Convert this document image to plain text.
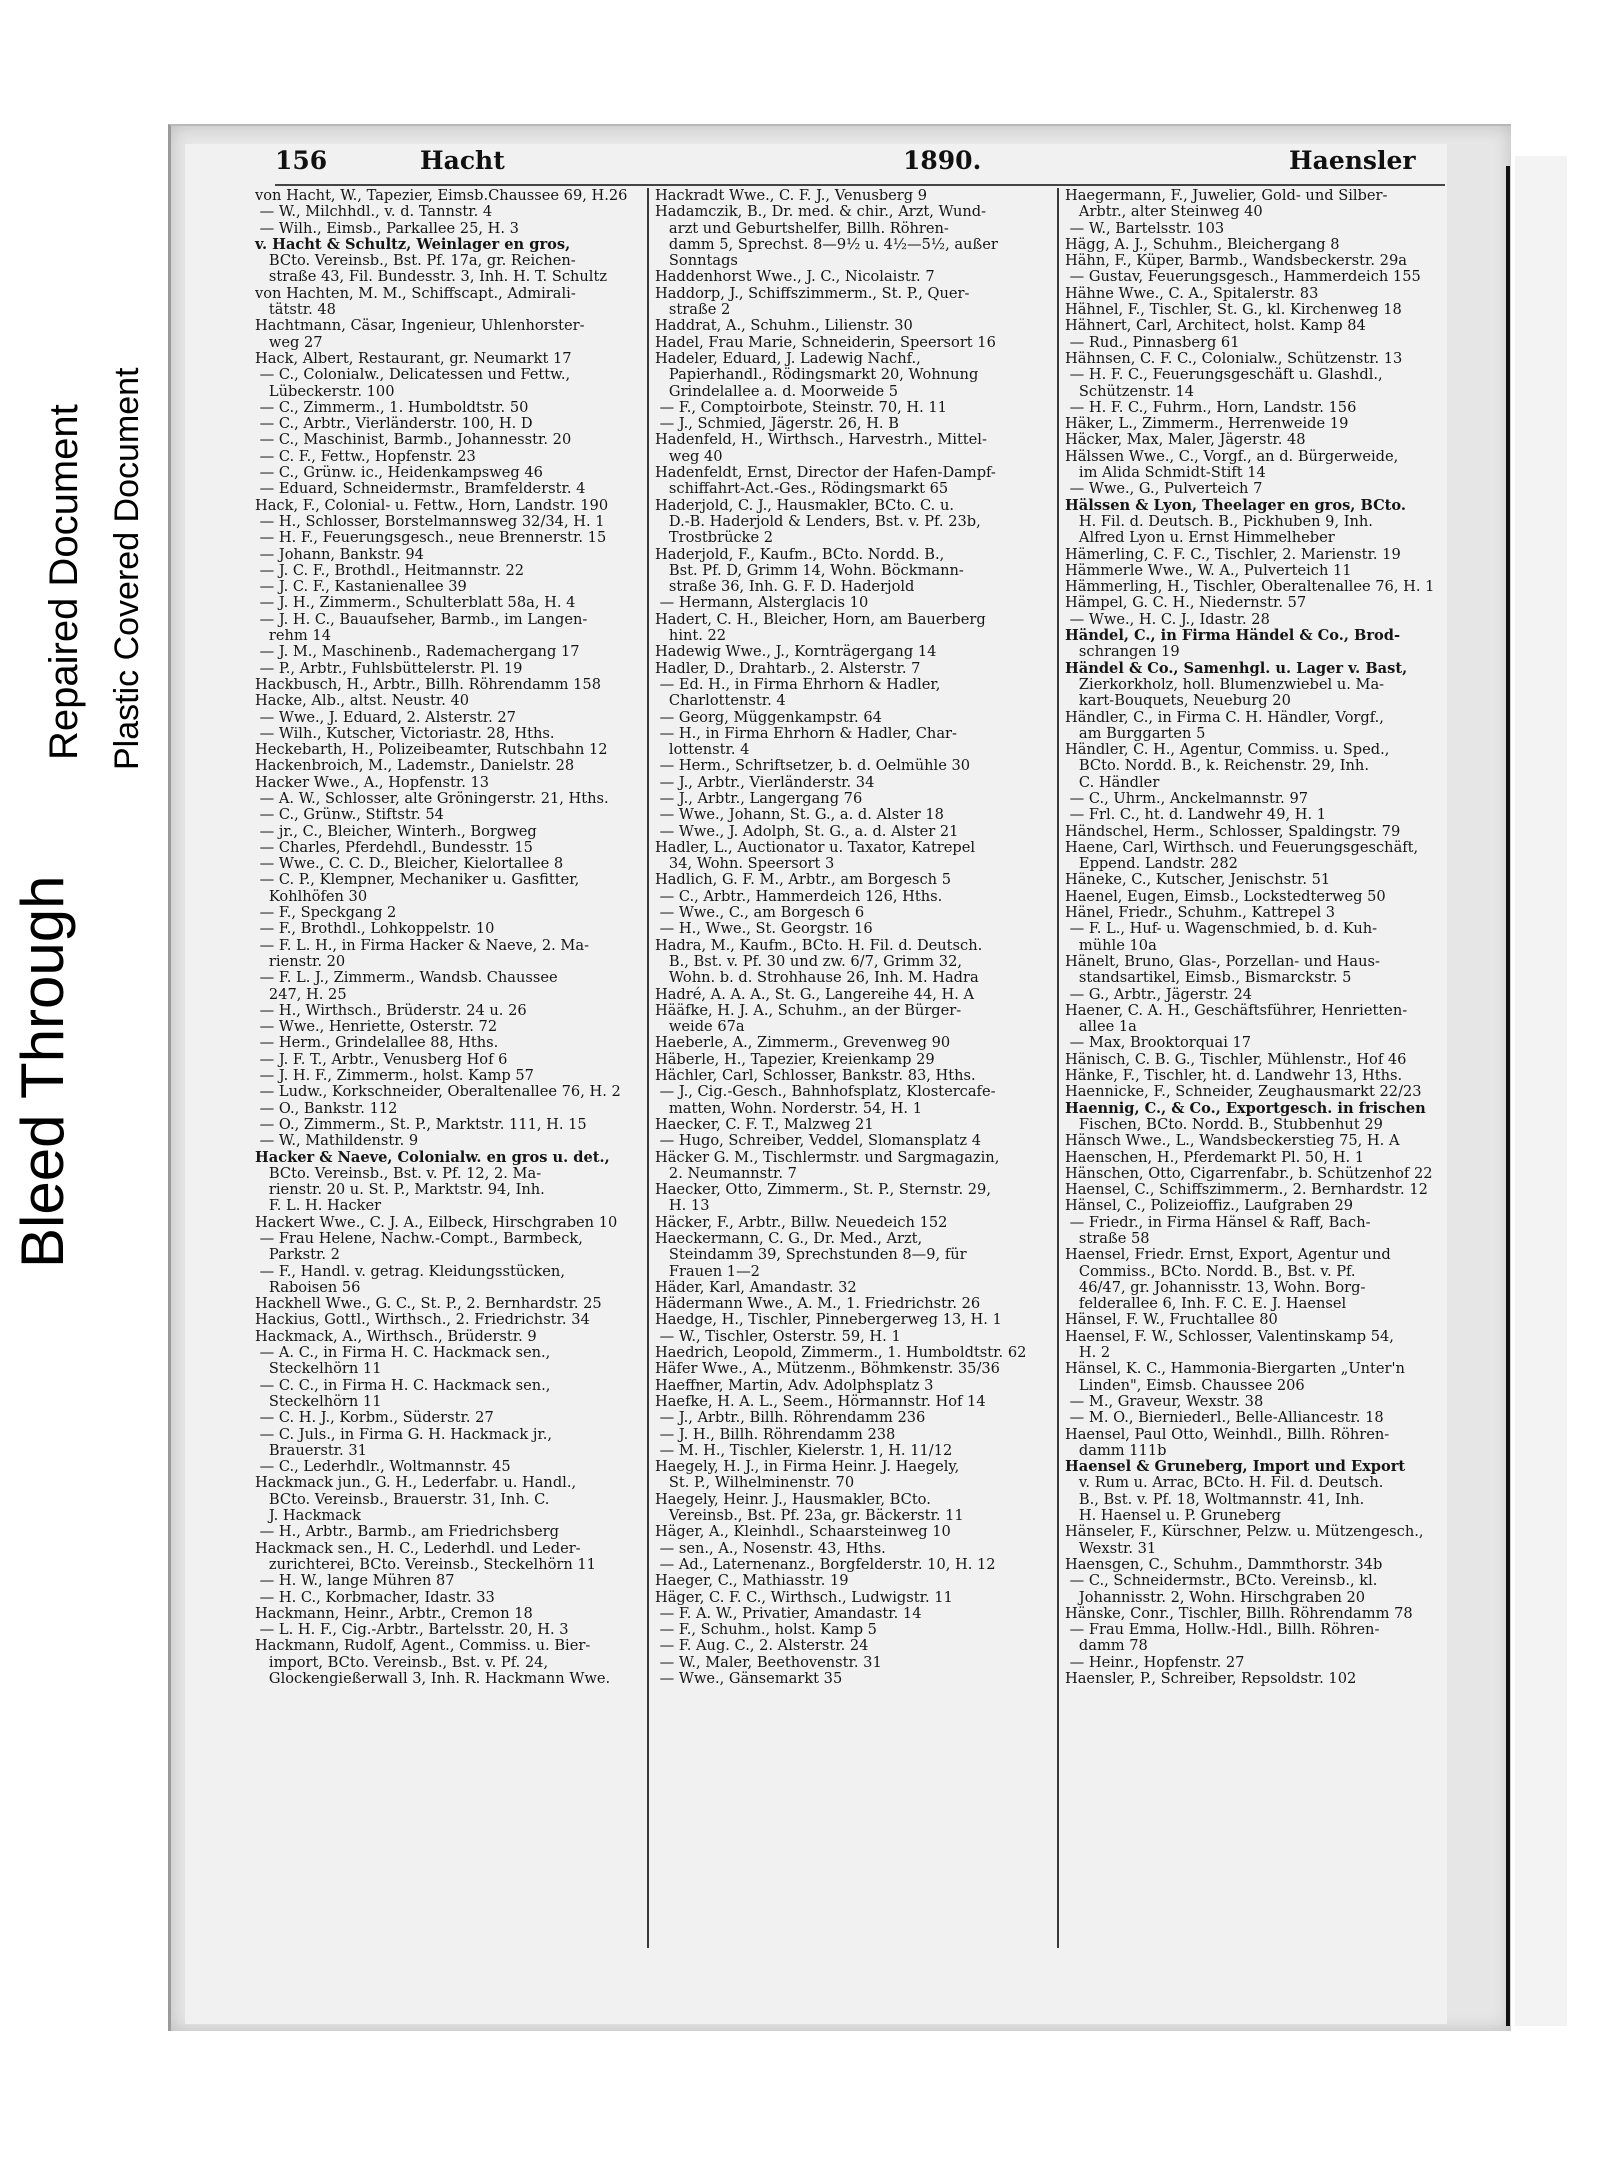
Bleed Through
Repaired Document Plastic Covered Document
156	Hacht	1890.	Haensler
von Hacht, W., Tapezier, Eimsb.Chaussee 69, H.26
— W., Milchhdl., v. d. Tannstr. 4
— Wilh., Eimsb., Parkallee 25, H. 3
v. Hacht & Schultz, Weinlager en gros,
BCto. Vereinsb., Bst. Pf. 17a, gr. Reichen-
straße 43, Fil. Bundesstr. 3, Inh. H. T. Schultz
von Hachten, M. M., Schiffscapt., Admirali-
tätstr. 48
Hachtmann, Cäsar, Ingenieur, Uhlenhorster-
weg 27
Hack, Albert, Restaurant, gr. Neumarkt 17
— C., Colonialw., Delicatessen und Fettw.,
Lübeckerstr. 100
— C., Zimmerm., 1. Humboldtstr. 50
— C., Arbtr., Vierländerstr. 100, H. D
— C., Maschinist, Barmb., Johannesstr. 20
— C. F., Fettw., Hopfenstr. 23
— C., Grünw. ic., Heidenkampsweg 46
— Eduard, Schneidermstr., Bramfelderstr. 4
Hack, F., Colonial- u. Fettw., Horn, Landstr. 190
— H., Schlosser, Borstelmannsweg 32/34, H. 1
— H. F., Feuerungsgesch., neue Brennerstr. 15
— Johann, Bankstr. 94
— J. C. F., Brothdl., Heitmannstr. 22
— J. C. F., Kastanienallee 39
— J. H., Zimmerm., Schulterblatt 58a, H. 4
— J. H. C., Bauaufseher, Barmb., im Langen-
rehm 14
— J. M., Maschinenb., Rademachergang 17
— P., Arbtr., Fuhlsbüttelerstr. Pl. 19
Hackbusch, H., Arbtr., Billh. Röhrendamm 158
Hacke, Alb., altst. Neustr. 40
— Wwe., J. Eduard, 2. Alsterstr. 27
— Wilh., Kutscher, Victoriastr. 28, Hths.
Heckebarth, H., Polizeibeamter, Rutschbahn 12
Hackenbroich, M., Lademstr., Danielstr. 28
Hacker Wwe., A., Hopfenstr. 13
— A. W., Schlosser, alte Gröningerstr. 21, Hths.
— C., Grünw., Stiftstr. 54
— jr., C., Bleicher, Winterh., Borgweg
— Charles, Pferdehdl., Bundesstr. 15
— Wwe., C. C. D., Bleicher, Kielortallee 8
— C. P., Klempner, Mechaniker u. Gasfitter,
Kohlhöfen 30
— F., Speckgang 2
— F., Brothdl., Lohkoppelstr. 10
— F. L. H., in Firma Hacker & Naeve, 2. Ma-
rienstr. 20
— F. L. J., Zimmerm., Wandsb. Chaussee
247, H. 25
— H., Wirthsch., Brüderstr. 24 u. 26
— Wwe., Henriette, Osterstr. 72
— Herm., Grindelallee 88, Hths.
— J. F. T., Arbtr., Venusberg Hof 6
— J. H. F., Zimmerm., holst. Kamp 57
— Ludw., Korkschneider, Oberaltenallee 76, H. 2
— O., Bankstr. 112
— O., Zimmerm., St. P., Marktstr. 111, H. 15
— W., Mathildenstr. 9
Hacker & Naeve, Colonialw. en gros u. det.,
BCto. Vereinsb., Bst. v. Pf. 12, 2. Ma-
rienstr. 20 u. St. P., Marktstr. 94, Inh.
F. L. H. Hacker
Hackert Wwe., C. J. A., Eilbeck, Hirschgraben 10
— Frau Helene, Nachw.-Compt., Barmbeck,
Parkstr. 2
— F., Handl. v. getrag. Kleidungsstücken,
Raboisen 56
Hackhell Wwe., G. C., St. P., 2. Bernhardstr. 25
Hackius, Gottl., Wirthsch., 2. Friedrichstr. 34
Hackmack, A., Wirthsch., Brüderstr. 9
— A. C., in Firma H. C. Hackmack sen.,
Steckelhörn 11
— C. C., in Firma H. C. Hackmack sen.,
Steckelhörn 11
— C. H. J., Korbm., Süderstr. 27
— C. Juls., in Firma G. H. Hackmack jr.,
Brauerstr. 31
— C., Lederhdlr., Woltmannstr. 45
Hackmack jun., G. H., Lederfabr. u. Handl.,
BCto. Vereinsb., Brauerstr. 31, Inh. C.
J. Hackmack
— H., Arbtr., Barmb., am Friedrichsberg
Hackmack sen., H. C., Lederhdl. und Leder-
zurichterei, BCto. Vereinsb., Steckelhörn 11
— H. W., lange Mühren 87
— H. C., Korbmacher, Idastr. 33
Hackmann, Heinr., Arbtr., Cremon 18
— L. H. F., Cig.-Arbtr., Bartelsstr. 20, H. 3
Hackmann, Rudolf, Agent., Commiss. u. Bier-
import, BCto. Vereinsb., Bst. v. Pf. 24,
Glockengießerwall 3, Inh. R. Hackmann Wwe.
Hackradt Wwe., C. F. J., Venusberg 9
Hadamczik, B., Dr. med. & chir., Arzt, Wund-
arzt und Geburtshelfer, Billh. Röhren-
damm 5, Sprechst. 8—9½ u. 4½—5½, außer
Sonntags
Haddenhorst Wwe., J. C., Nicolaistr. 7
Haddorp, J., Schiffszimmerm., St. P., Quer-
straße 2
Haddrat, A., Schuhm., Lilienstr. 30
Hadel, Frau Marie, Schneiderin, Speersort 16
Hadeler, Eduard, J. Ladewig Nachf.,
Papierhandl., Rödingsmarkt 20, Wohnung
Grindelallee a. d. Moorweide 5
— F., Comptoirbote, Steinstr. 70, H. 11
— J., Schmied, Jägerstr. 26, H. B
Hadenfeld, H., Wirthsch., Harvestrh., Mittel-
weg 40
Hadenfeldt, Ernst, Director der Hafen-Dampf-
schiffahrt-Act.-Ges., Rödingsmarkt 65
Haderjold, C. J., Hausmakler, BCto. C. u.
D.-B. Haderjold & Lenders, Bst. v. Pf. 23b,
Trostbrücke 2
Haderjold, F., Kaufm., BCto. Nordd. B.,
Bst. Pf. D, Grimm 14, Wohn. Böckmann-
straße 36, Inh. G. F. D. Haderjold
— Hermann, Alsterglacis 10
Hadert, C. H., Bleicher, Horn, am Bauerberg
hint. 22
Hadewig Wwe., J., Kornträgergang 14
Hadler, D., Drahtarb., 2. Alsterstr. 7
— Ed. H., in Firma Ehrhorn & Hadler,
Charlottenstr. 4
— Georg, Müggenkampstr. 64
— H., in Firma Ehrhorn & Hadler, Char-
lottenstr. 4
— Herm., Schriftsetzer, b. d. Oelmühle 30
— J., Arbtr., Vierländerstr. 34
— J., Arbtr., Langergang 76
— Wwe., Johann, St. G., a. d. Alster 18
— Wwe., J. Adolph, St. G., a. d. Alster 21
Hadler, L., Auctionator u. Taxator, Katrepel
34, Wohn. Speersort 3
Hadlich, G. F. M., Arbtr., am Borgesch 5
— C., Arbtr., Hammerdeich 126, Hths.
— Wwe., C., am Borgesch 6
— H., Wwe., St. Georgstr. 16
Hadra, M., Kaufm., BCto. H. Fil. d. Deutsch.
B., Bst. v. Pf. 30 und zw. 6/7, Grimm 32,
Wohn. b. d. Strohhause 26, Inh. M. Hadra
Hadré, A. A. A., St. G., Langereihe 44, H. A
Hääfke, H. J. A., Schuhm., an der Bürger-
weide 67a
Haeberle, A., Zimmerm., Grevenweg 90
Häberle, H., Tapezier, Kreienkamp 29
Hächler, Carl, Schlosser, Bankstr. 83, Hths.
— J., Cig.-Gesch., Bahnhofsplatz, Klostercafe-
matten, Wohn. Norderstr. 54, H. 1
Haecker, C. F. T., Malzweg 21
— Hugo, Schreiber, Veddel, Slomansplatz 4
Häcker G. M., Tischlermstr. und Sargmagazin,
2. Neumannstr. 7
Haecker, Otto, Zimmerm., St. P., Sternstr. 29,
H. 13
Häcker, F., Arbtr., Billw. Neuedeich 152
Haeckermann, C. G., Dr. Med., Arzt,
Steindamm 39, Sprechstunden 8—9, für
Frauen 1—2
Häder, Karl, Amandastr. 32
Hädermann Wwe., A. M., 1. Friedrichstr. 26
Haedge, H., Tischler, Pinnebergerweg 13, H. 1
— W., Tischler, Osterstr. 59, H. 1
Haedrich, Leopold, Zimmerm., 1. Humboldtstr. 62
Häfer Wwe., A., Mützenm., Böhmkenstr. 35/36
Haeffner, Martin, Adv. Adolphsplatz 3
Haefke, H. A. L., Seem., Hörmannstr. Hof 14
— J., Arbtr., Billh. Röhrendamm 236
— J. H., Billh. Röhrendamm 238
— M. H., Tischler, Kielerstr. 1, H. 11/12
Haegely, H. J., in Firma Heinr. J. Haegely,
St. P., Wilhelminenstr. 70
Haegely, Heinr. J., Hausmakler, BCto.
Vereinsb., Bst. Pf. 23a, gr. Bäckerstr. 11
Häger, A., Kleinhdl., Schaarsteinweg 10
— sen., A., Nosenstr. 43, Hths.
— Ad., Laternenanz., Borgfelderstr. 10, H. 12
Haeger, C., Mathiasstr. 19
Häger, C. F. C., Wirthsch., Ludwigstr. 11
— F. A. W., Privatier, Amandastr. 14
— F., Schuhm., holst. Kamp 5
— F. Aug. C., 2. Alsterstr. 24
— W., Maler, Beethovenstr. 31
— Wwe., Gänsemarkt 35
Haegermann, F., Juwelier, Gold- und Silber-
Arbtr., alter Steinweg 40
— W., Bartelsstr. 103
Hägg, A. J., Schuhm., Bleichergang 8
Hähn, F., Küper, Barmb., Wandsbeckerstr. 29a
— Gustav, Feuerungsgesch., Hammerdeich 155
Hähne Wwe., C. A., Spitalerstr. 83
Hähnel, F., Tischler, St. G., kl. Kirchenweg 18
Hähnert, Carl, Architect, holst. Kamp 84
— Rud., Pinnasberg 61
Hähnsen, C. F. C., Colonialw., Schützenstr. 13
— H. F. C., Feuerungsgeschäft u. Glashdl.,
Schützenstr. 14
— H. F. C., Fuhrm., Horn, Landstr. 156
Häker, L., Zimmerm., Herrenweide 19
Häcker, Max, Maler, Jägerstr. 48
Hälssen Wwe., C., Vorgf., an d. Bürgerweide,
im Alida Schmidt-Stift 14
— Wwe., G., Pulverteich 7
Hälssen & Lyon, Theelager en gros, BCto.
H. Fil. d. Deutsch. B., Pickhuben 9, Inh.
Alfred Lyon u. Ernst Himmelheber
Hämerling, C. F. C., Tischler, 2. Marienstr. 19
Hämmerle Wwe., W. A., Pulverteich 11
Hämmerling, H., Tischler, Oberaltenallee 76, H. 1
Hämpel, G. C. H., Niedernstr. 57
— Wwe., H. C. J., Idastr. 28
Händel, C., in Firma Händel & Co., Brod-
schrangen 19
Händel & Co., Samenhgl. u. Lager v. Bast,
Zierkorkholz, holl. Blumenzwiebel u. Ma-
kart-Bouquets, Neueburg 20
Händler, C., in Firma C. H. Händler, Vorgf.,
am Burggarten 5
Händler, C. H., Agentur, Commiss. u. Sped.,
BCto. Nordd. B., k. Reichenstr. 29, Inh.
C. Händler
— C., Uhrm., Anckelmannstr. 97
— Frl. C., ht. d. Landwehr 49, H. 1
Händschel, Herm., Schlosser, Spaldingstr. 79
Haene, Carl, Wirthsch. und Feuerungsgeschäft,
Eppend. Landstr. 282
Häneke, C., Kutscher, Jenischstr. 51
Haenel, Eugen, Eimsb., Lockstedterweg 50
Hänel, Friedr., Schuhm., Kattrepel 3
— F. L., Huf- u. Wagenschmied, b. d. Kuh-
mühle 10a
Hänelt, Bruno, Glas-, Porzellan- und Haus-
standsartikel, Eimsb., Bismarckstr. 5
— G., Arbtr., Jägerstr. 24
Haener, C. A. H., Geschäftsführer, Henrietten-
allee 1a
— Max, Brooktorquai 17
Hänisch, C. B. G., Tischler, Mühlenstr., Hof 46
Hänke, F., Tischler, ht. d. Landwehr 13, Hths.
Haennicke, F., Schneider, Zeughausmarkt 22/23
Haennig, C., & Co., Exportgesch. in frischen
Fischen, BCto. Nordd. B., Stubbenhut 29
Hänsch Wwe., L., Wandsbeckerstieg 75, H. A
Haenschen, H., Pferdemarkt Pl. 50, H. 1
Hänschen, Otto, Cigarrenfabr., b. Schützenhof 22
Haensel, C., Schiffszimmerm., 2. Bernhardstr. 12
Hänsel, C., Polizeioffiz., Laufgraben 29
— Friedr., in Firma Hänsel & Raff, Bach-
straße 58
Haensel, Friedr. Ernst, Export, Agentur und
Commiss., BCto. Nordd. B., Bst. v. Pf.
46/47, gr. Johannisstr. 13, Wohn. Borg-
felderallee 6, Inh. F. C. E. J. Haensel
Hänsel, F. W., Fruchtallee 80
Haensel, F. W., Schlosser, Valentinskamp 54,
H. 2
Hänsel, K. C., Hammonia-Biergarten „Unter'n
Linden", Eimsb. Chaussee 206
— M., Graveur, Wexstr. 38
— M. O., Bierniederl., Belle-Alliancestr. 18
Haensel, Paul Otto, Weinhdl., Billh. Röhren-
damm 111b
Haensel & Gruneberg, Import und Export
v. Rum u. Arrac, BCto. H. Fil. d. Deutsch.
B., Bst. v. Pf. 18, Woltmannstr. 41, Inh.
H. Haensel u. P. Gruneberg
Hänseler, F., Kürschner, Pelzw. u. Mützengesch.,
Wexstr. 31
Haensgen, C., Schuhm., Dammthorstr. 34b
— C., Schneidermstr., BCto. Vereinsb., kl.
Johannisstr. 2, Wohn. Hirschgraben 20
Hänske, Conr., Tischler, Billh. Röhrendamm 78
— Frau Emma, Hollw.-Hdl., Billh. Röhren-
damm 78
— Heinr., Hopfenstr. 27
Haensler, P., Schreiber, Repsoldstr. 102
